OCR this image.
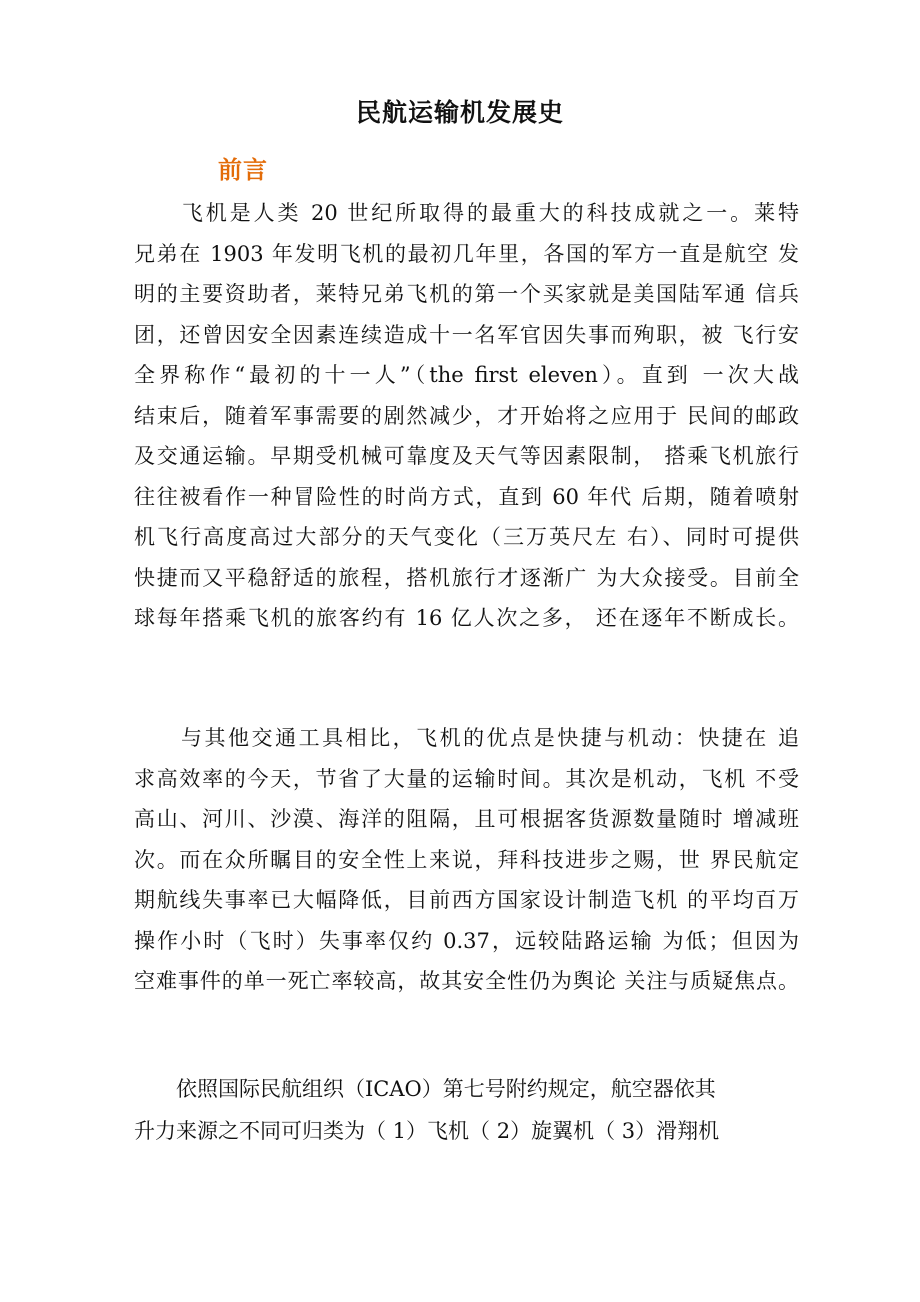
民航运输机发展史
前言
　　飞机是人类 20 世纪所取得的最重大的科技成就之一。莱特
兄弟在 1903 年发明飞机的最初几年里，各国的军方一直是航空 发
明的主要资助者，莱特兄弟飞机的第一个买家就是美国陆军通 信兵
团，还曾因安全因素连续造成十一名军官因失事而殉职，被 飞行安
全界称作“最初的十一人”（the first eleven）。直到 一次大战
结束后，随着军事需要的剧然减少，才开始将之应用于 民间的邮政
及交通运输。早期受机械可靠度及天气等因素限制， 搭乘飞机旅行
往往被看作一种冒险性的时尚方式，直到 60 年代 后期，随着喷射
机飞行高度高过大部分的天气变化（三万英尺左 右）、同时可提供
快捷而又平稳舒适的旅程，搭机旅行才逐渐广 为大众接受。目前全
球每年搭乘飞机的旅客约有 16 亿人次之多， 还在逐年不断成长。
　　与其他交通工具相比，飞机的优点是快捷与机动：快捷在 追
求高效率的今天，节省了大量的运输时间。其次是机动，飞机 不受
高山、河川、沙漠、海洋的阻隔，且可根据客货源数量随时 增减班
次。而在众所瞩目的安全性上来说，拜科技进步之赐，世 界民航定
期航线失事率已大幅降低，目前西方国家设计制造飞机 的平均百万
操作小时（飞时）失事率仅约 0.37，远较陆路运输 为低；但因为
空难事件的单一死亡率较高，故其安全性仍为舆论 关注与质疑焦点。
　　依照国际民航组织（ICAO）第七号附约规定，航空器依其
升力来源之不同可归类为（ 1）飞机（ 2）旋翼机（ 3）滑翔机
